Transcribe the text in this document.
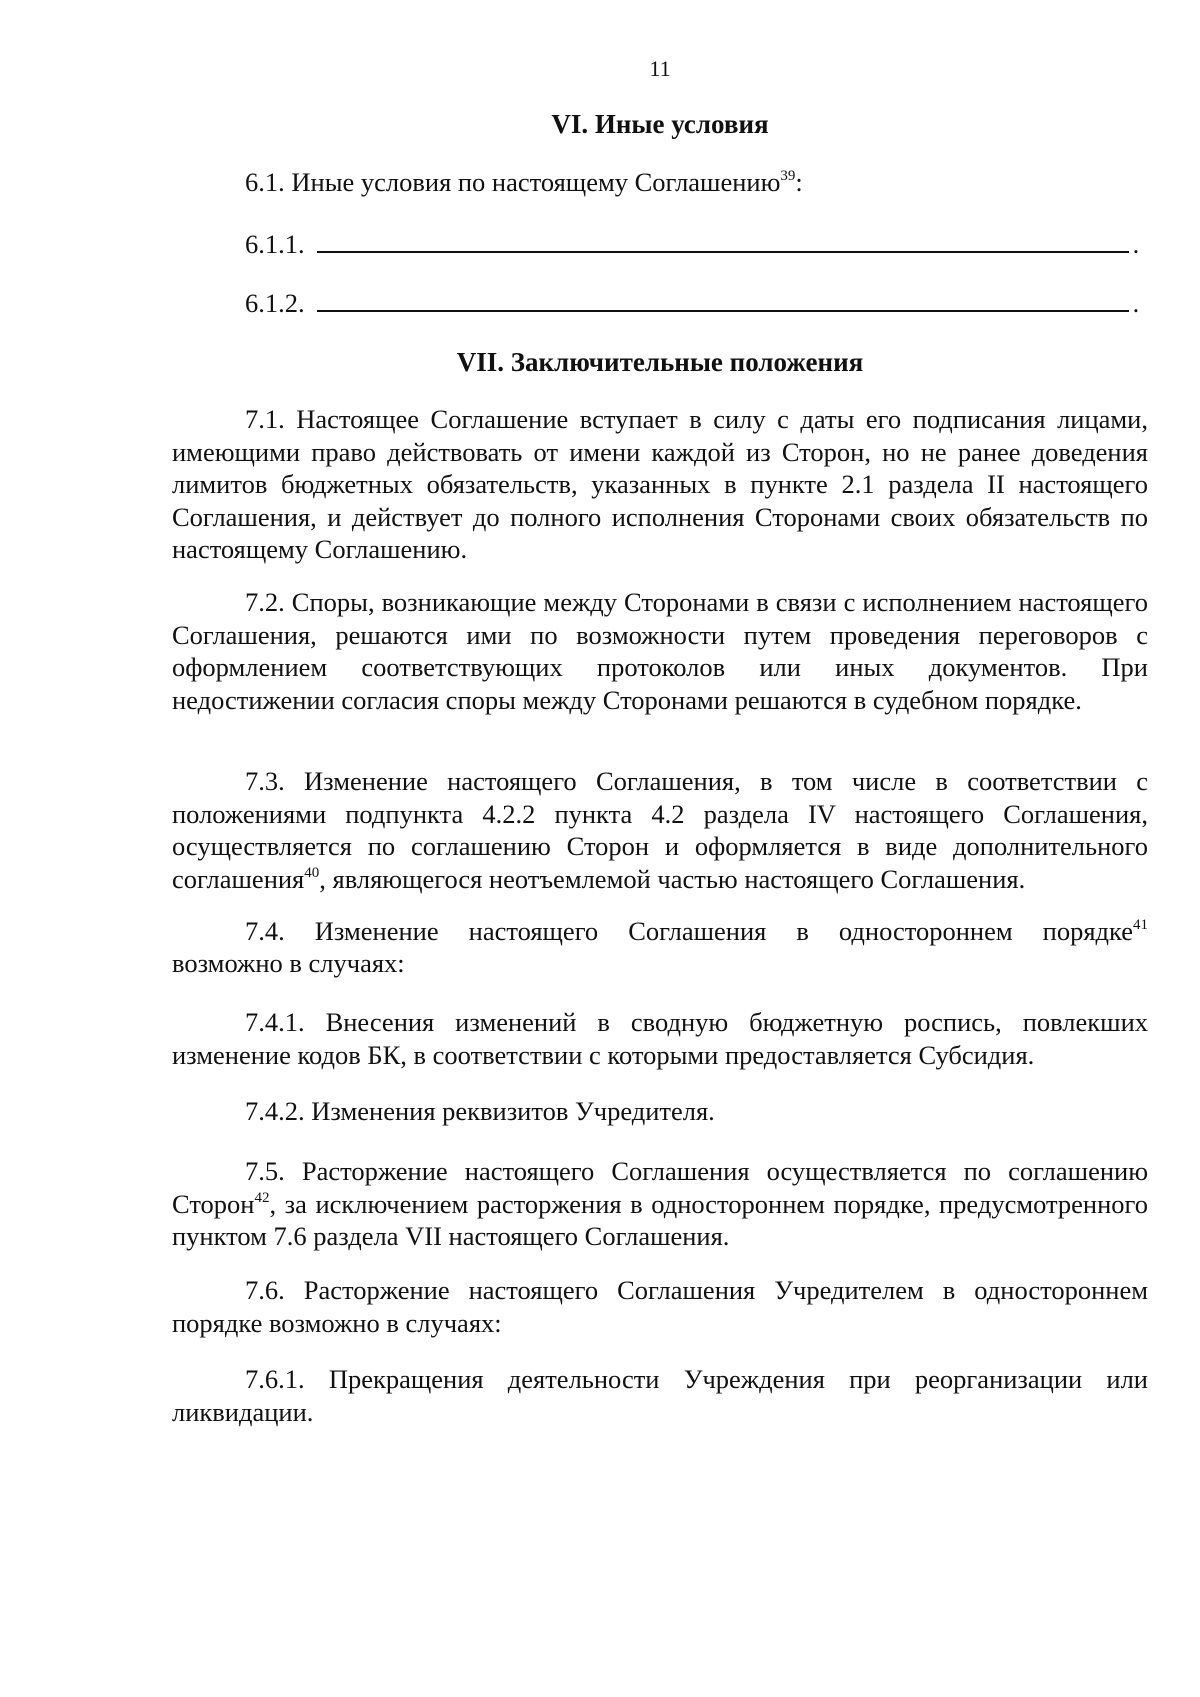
11
VI. Иные условия

6.1. Иные условия по настоящему Соглашению$^{39}$:

6.1.1.	.
6.1.2.	.
VII. Заключительные положения

7.1. Настоящее Соглашение вступает в силу с даты его подписания лицами, имеющими право действовать от имени каждой из Сторон, но не ранее доведения лимитов бюджетных обязательств, указанных в пункте 2.1 раздела II настоящего Соглашения, и действует до полного исполнения Сторонами своих обязательств по настоящему Соглашению.

7.2. Споры, возникающие между Сторонами в связи с исполнением настоящего Соглашения, решаются ими по возможности путем проведения переговоров с оформлением соответствующих протоколов или иных документов. При недостижении согласия споры между Сторонами решаются в судебном порядке.

7.3. Изменение настоящего Соглашения, в том числе в соответствии с положениями подпункта 4.2.2 пункта 4.2 раздела IV настоящего Соглашения, осуществляется по соглашению Сторон и оформляется в виде дополнительного соглашения$^{40}$, являющегося неотъемлемой частью настоящего Соглашения.

7.4. Изменение настоящего Соглашения в одностороннем порядке$^{41}$

возможно в случаях:

7.4.1. Внесения изменений в сводную бюджетную роспись, повлекших изменение кодов БК, в соответствии с которыми предоставляется Субсидия.

7.4.2. Изменения реквизитов Учредителя.

7.5. Расторжение настоящего Соглашения осуществляется по соглашению Сторон$^{42}$, за исключением расторжения в одностороннем порядке, предусмотренного пунктом 7.6 раздела VII настоящего Соглашения.

7.6. Расторжение настоящего Соглашения Учредителем в одностороннем порядке возможно в случаях:

7.6.1. Прекращения деятельности Учреждения при реорганизации или ликвидации.
